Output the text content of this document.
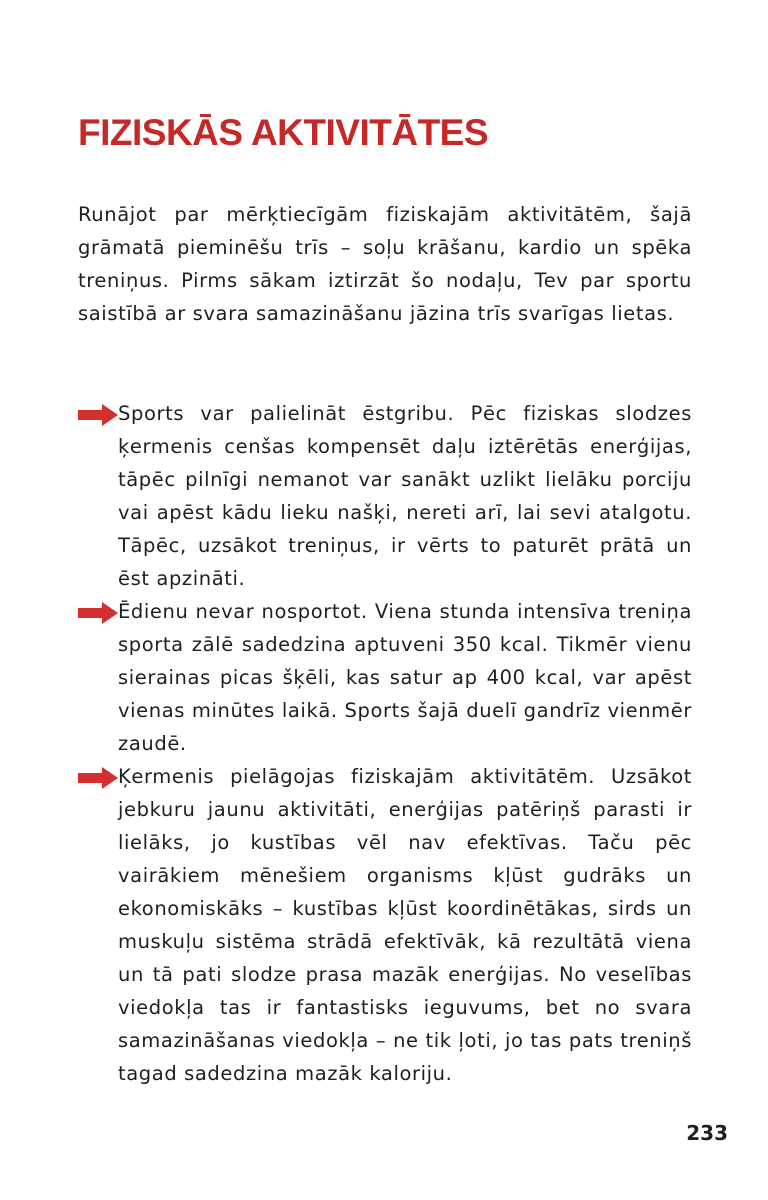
FIZISKĀS AKTIVITĀTES

Runājot par mērķtiecīgām fiziskajām aktivitātēm, šajā grāmatā pieminēšu trīs – soļu krāšanu, kardio un spēka treniņus. Pirms sākam iztirzāt šo nodaļu, Tev par sportu saistībā ar svara samazināšanu jāzina trīs svarīgas lietas.

Sports var palielināt ēstgribu. Pēc fiziskas slodzes ķermenis cenšas kompensēt daļu iztērētās enerģijas, tāpēc pilnīgi nemanot var sanākt uzlikt lielāku porciju vai apēst kādu lieku našķi, nereti arī, lai sevi atalgotu. Tāpēc, uzsākot treniņus, ir vērts to paturēt prātā un ēst apzināti.
Ēdienu nevar nosportot. Viena stunda intensīva treniņa sporta zālē sadedzina aptuveni 350 kcal. Tikmēr vienu sierainas picas šķēli, kas satur ap 400 kcal, var apēst vienas minūtes laikā. Sports šajā duelī gandrīz vienmēr zaudē.
Ķermenis pielāgojas fiziskajām aktivitātēm. Uzsākot jebkuru jaunu aktivitāti, enerģijas patēriņš parasti ir lielāks, jo kustības vēl nav efektīvas. Taču pēc vairākiem mēnešiem organisms kļūst gudrāks un ekonomiskāks – kustības kļūst koordinētākas, sirds un muskuļu sistēma strādā efektīvāk, kā rezultātā viena un tā pati slodze prasa mazāk enerģijas. No veselības viedokļa tas ir fantastisks ieguvums, bet no svara samazināšanas viedokļa – ne tik ļoti, jo tas pats treniņš tagad sadedzina mazāk kaloriju.
233
